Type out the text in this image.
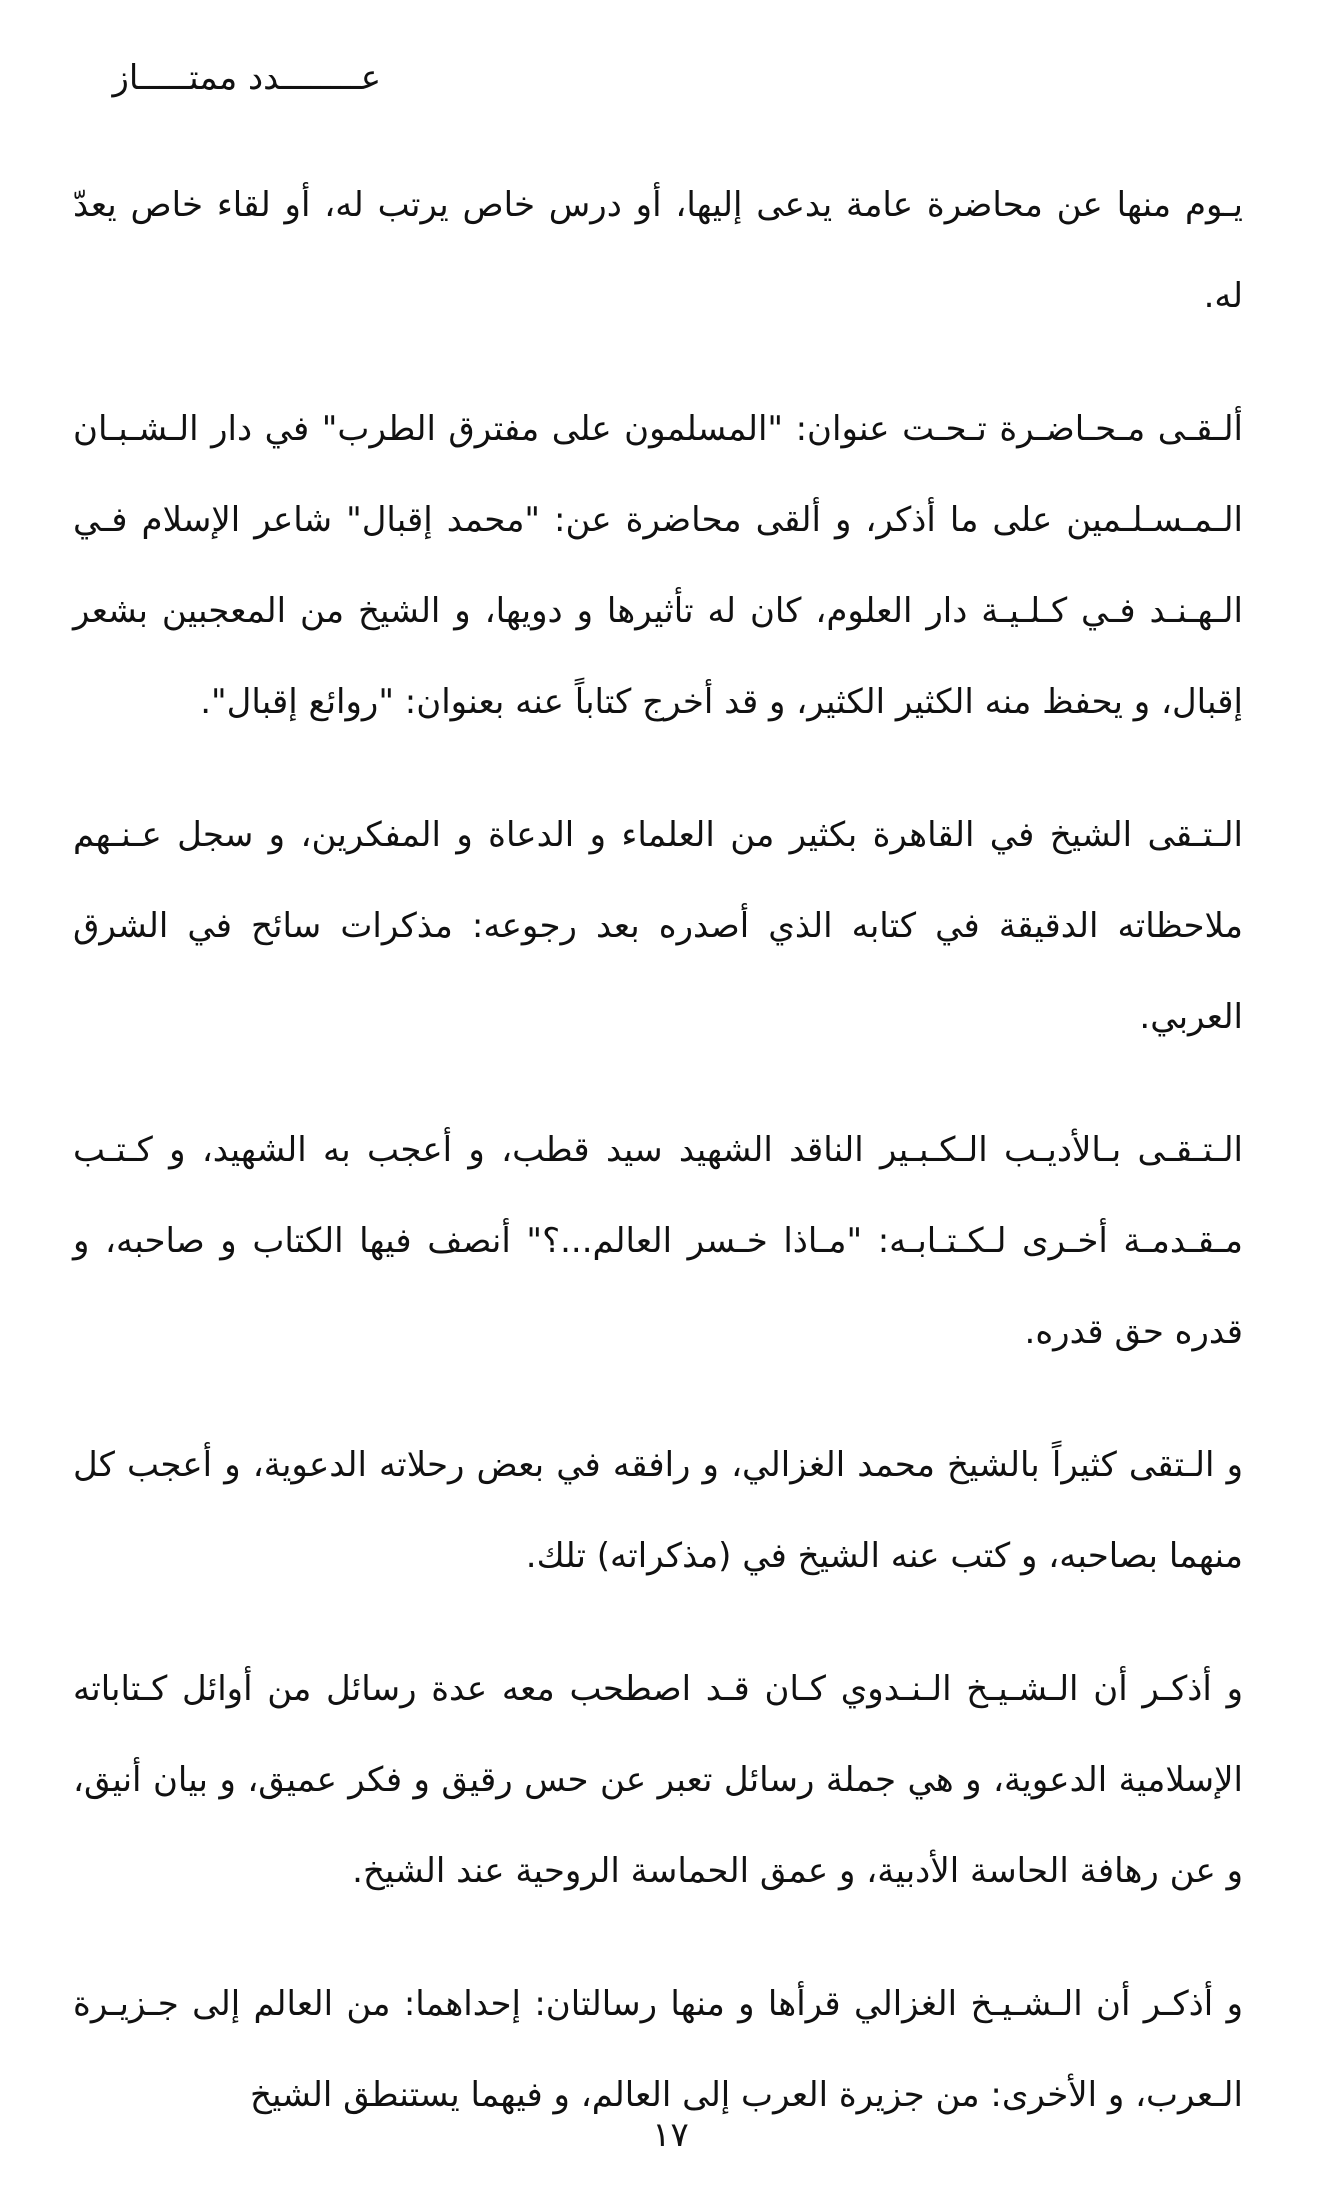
عــــــــدد ممتـــــاز

يـوم منها عن محاضرة عامة يدعى إليها، أو درس خاص يرتب له، أو لقاء خاص يعدّ له.

ألـقـى مـحـاضـرة تـحـت عنوان: "المسلمون على مفترق الطرب" في دار الـشـبـان الـمـسـلـمين على ما أذكر، و ألقى محاضرة عن: "محمد إقبال" شاعر الإسلام فـي الـهـنـد فـي كـلـيـة دار العلوم، كان له تأثيرها و دويها، و الشيخ من المعجبين بشعر إقبال، و يحفظ منه الكثير الكثير، و قد أخرج كتاباً عنه بعنوان: "روائع إقبال".

الـتـقى الشيخ في القاهرة بكثير من العلماء و الدعاة و المفكرين، و سجل عـنـهم ملاحظاته الدقيقة في كتابه الذي أصدره بعد رجوعه: مذكرات سائح في الشرق العربي.

الـتـقـى بـالأديـب الـكـبـير الناقد الشهيد سيد قطب، و أعجب به الشهيد، و كـتـب مـقـدمـة أخـرى لـكـتـابـه: "مـاذا خـسر العالم...؟" أنصف فيها الكتاب و صاحبه، و قدره حق قدره.

و الـتقى كثيراً بالشيخ محمد الغزالي، و رافقه في بعض رحلاته الدعوية، و أعجب كل منهما بصاحبه، و كتب عنه الشيخ في (مذكراته) تلك.

و أذكـر أن الـشـيـخ الـنـدوي كـان قـد اصطحب معه عدة رسائل من أوائل كـتاباته الإسلامية الدعوية، و هي جملة رسائل تعبر عن حس رقيق و فكر عميق، و بيان أنيق، و عن رهافة الحاسة الأدبية، و عمق الحماسة الروحية عند الشيخ.

و أذكـر أن الـشـيـخ الغزالي قرأها و منها رسالتان: إحداهما: من العالم إلى جـزيـرة الـعرب، و الأخرى: من جزيرة العرب إلى العالم، و فيهما يستنطق الشيخ

١٧
